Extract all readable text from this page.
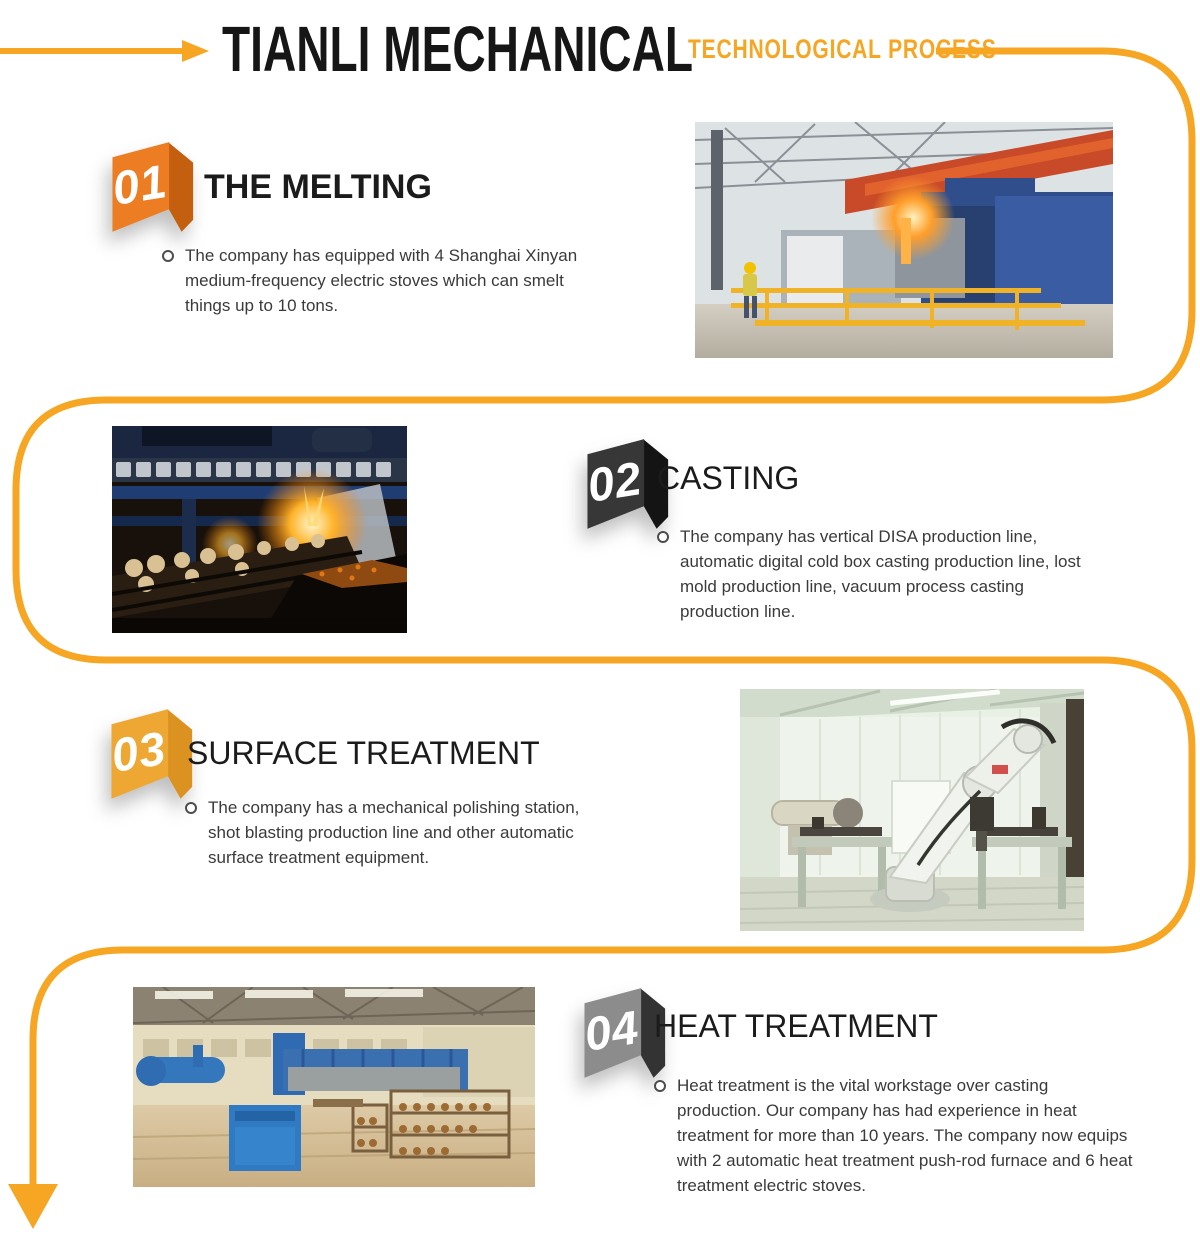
TIANLI MECHANICAL
TECHNOLOGICAL PROCESS
01 THE MELTING

The company has equipped with 4 Shanghai Xinyan medium-frequency electric stoves which can smelt things up to 10 tons.

02 CASTING

The company has vertical DISA production line, automatic digital cold box casting production line, lost mold production line, vacuum process casting production line.

03 SURFACE TREATMENT

The company has a mechanical polishing station, shot blasting production line and other automatic surface treatment equipment.

04 HEAT TREATMENT

Heat treatment is the vital workstage over casting production. Our company has had experience in heat treatment for more than 10 years. The company now equips with 2 automatic heat treatment push-rod furnace and 6 heat treatment electric stoves.
